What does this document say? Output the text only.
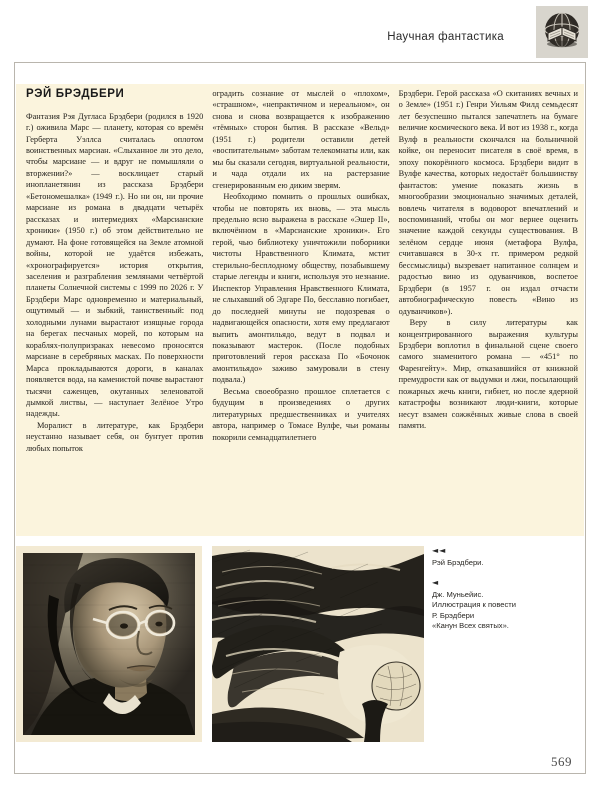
Научная фантастика
РЭЙ БРЭДБЕРИ

Фантазия Рэя Дугласа Брэдбери (родился в 1920 г.) оживила Марс — планету, которая со времён Герберта Уэллса считалась оплотом воинственных марсиан. «Слыханное ли это дело, чтобы марсиане — и вдруг не помышляли о вторжении?» — восклицает старый инопланетянин из рассказа Брэдбери «Бетономешалка» (1949 г.). Но ни он, ни прочие марсиане из романа в двадцати четырёх рассказах и интермедиях «Марсианские хроники» (1950 г.) об этом действительно не думают. На фоне готовящейся на Земле атомной войны, которой не удаётся избежать, «хронографируется» история открытия, заселения и разграбления землянами четвёртой планеты Солнечной системы с 1999 по 2026 г. У Брэдбери Марс одновременно и материальный, ощутимый — и зыбкий, таинственный: под холодными лунами вырастают изящные города на берегах песчаных морей, по которым на кораблях-полупризраках невесомо проносятся марсиане в серебряных масках. По поверхности Марса прокладываются дороги, в каналах появляется вода, на каменистой почве вырастают тысячи саженцев, окутанных зеленоватой дымкой листвы, — наступает Зелёное Утро надежды.

Моралист в литературе, как Брэдбери неустанно называет себя, он бунтует против любых попыток

оградить сознание от мыслей о «плохом», «страшном», «непрактичном и нереальном», он снова и снова возвращается к изображению «тёмных» сторон бытия. В рассказе «Вельд» (1951 г.) родители оставили детей «воспитательным» заботам телекомнаты или, как мы бы сказали сегодня, виртуальной реальности, и чада отдали их на растерзание сгенерированным ею диким зверям.

Необходимо помнить о прошлых ошибках, чтобы не повторять их вновь, — эта мысль предельно ясно выражена в рассказе «Эшер II», включённом в «Марсианские хроники». Его герой, чью библиотеку уничтожили поборники чистоты Нравственного Климата, мстит стерильно-бесплодному обществу, позабывшему старые легенды и книги, используя это незнание. Инспектор Управления Нравственного Климата, не слыхавший об Эдгаре По, бесславно погибает, до последней минуты не подозревая о надвигающейся опасности, хотя ему предлагают выпить амонтильядо, ведут в подвал и показывают мастерок. (После подобных приготовлений героя рассказа По «Бочонок амонтильядо» заживо замуровали в стену подвала.)

Весьма своеобразно прошлое сплетается с будущим в произведениях о других литературных предшественниках и учителях автора, например о Томасе Вулфе, чьи романы покорили семнадцатилетнего

Брэдбери. Герой рассказа «О скитаниях вечных и о Земле» (1951 г.) Генри Уильям Филд семьдесят лет безуспешно пытался запечатлеть на бумаге величие космического века. И вот из 1938 г., когда Вулф в реальности скончался на больничной койке, он переносит писателя в своё время, в эпоху покорённого космоса. Брэдбери видит в Вулфе качества, которых недостаёт большинству фантастов: умение показать жизнь в многообразии эмоционально значимых деталей, вовлечь читателя в водоворот впечатлений и воспоминаний, чтобы он мог вернее оценить значение каждой секунды существования. В зелёном сердце июня (метафора Вулфа, считавшаяся в 30-х гг. примером редкой бессмыслицы) вызревает напитанное солнцем и радостью вино из одуванчиков, воспетое Брэдбери (в 1957 г. он издал отчасти автобиографическую повесть «Вино из одуванчиков»).

Веру в силу литературы как концентрированного выражения культуры Брэдбери воплотил в финальной сцене своего самого знаменитого романа — «451° по Фаренгейту». Мир, отказавшийся от книжной премудрости как от выдумки и лжи, посылающий пожарных жечь книги, гибнет, но после ядерной катастрофы возникают люди-книги, которые несут взамен сожжённых живые слова в своей памяти.

◄◄
Рэй Брэдбери.
◄
Дж. Муньейис.
Иллюстрация к повести
Р. Брэдбери
«Канун Всех святых».
569
